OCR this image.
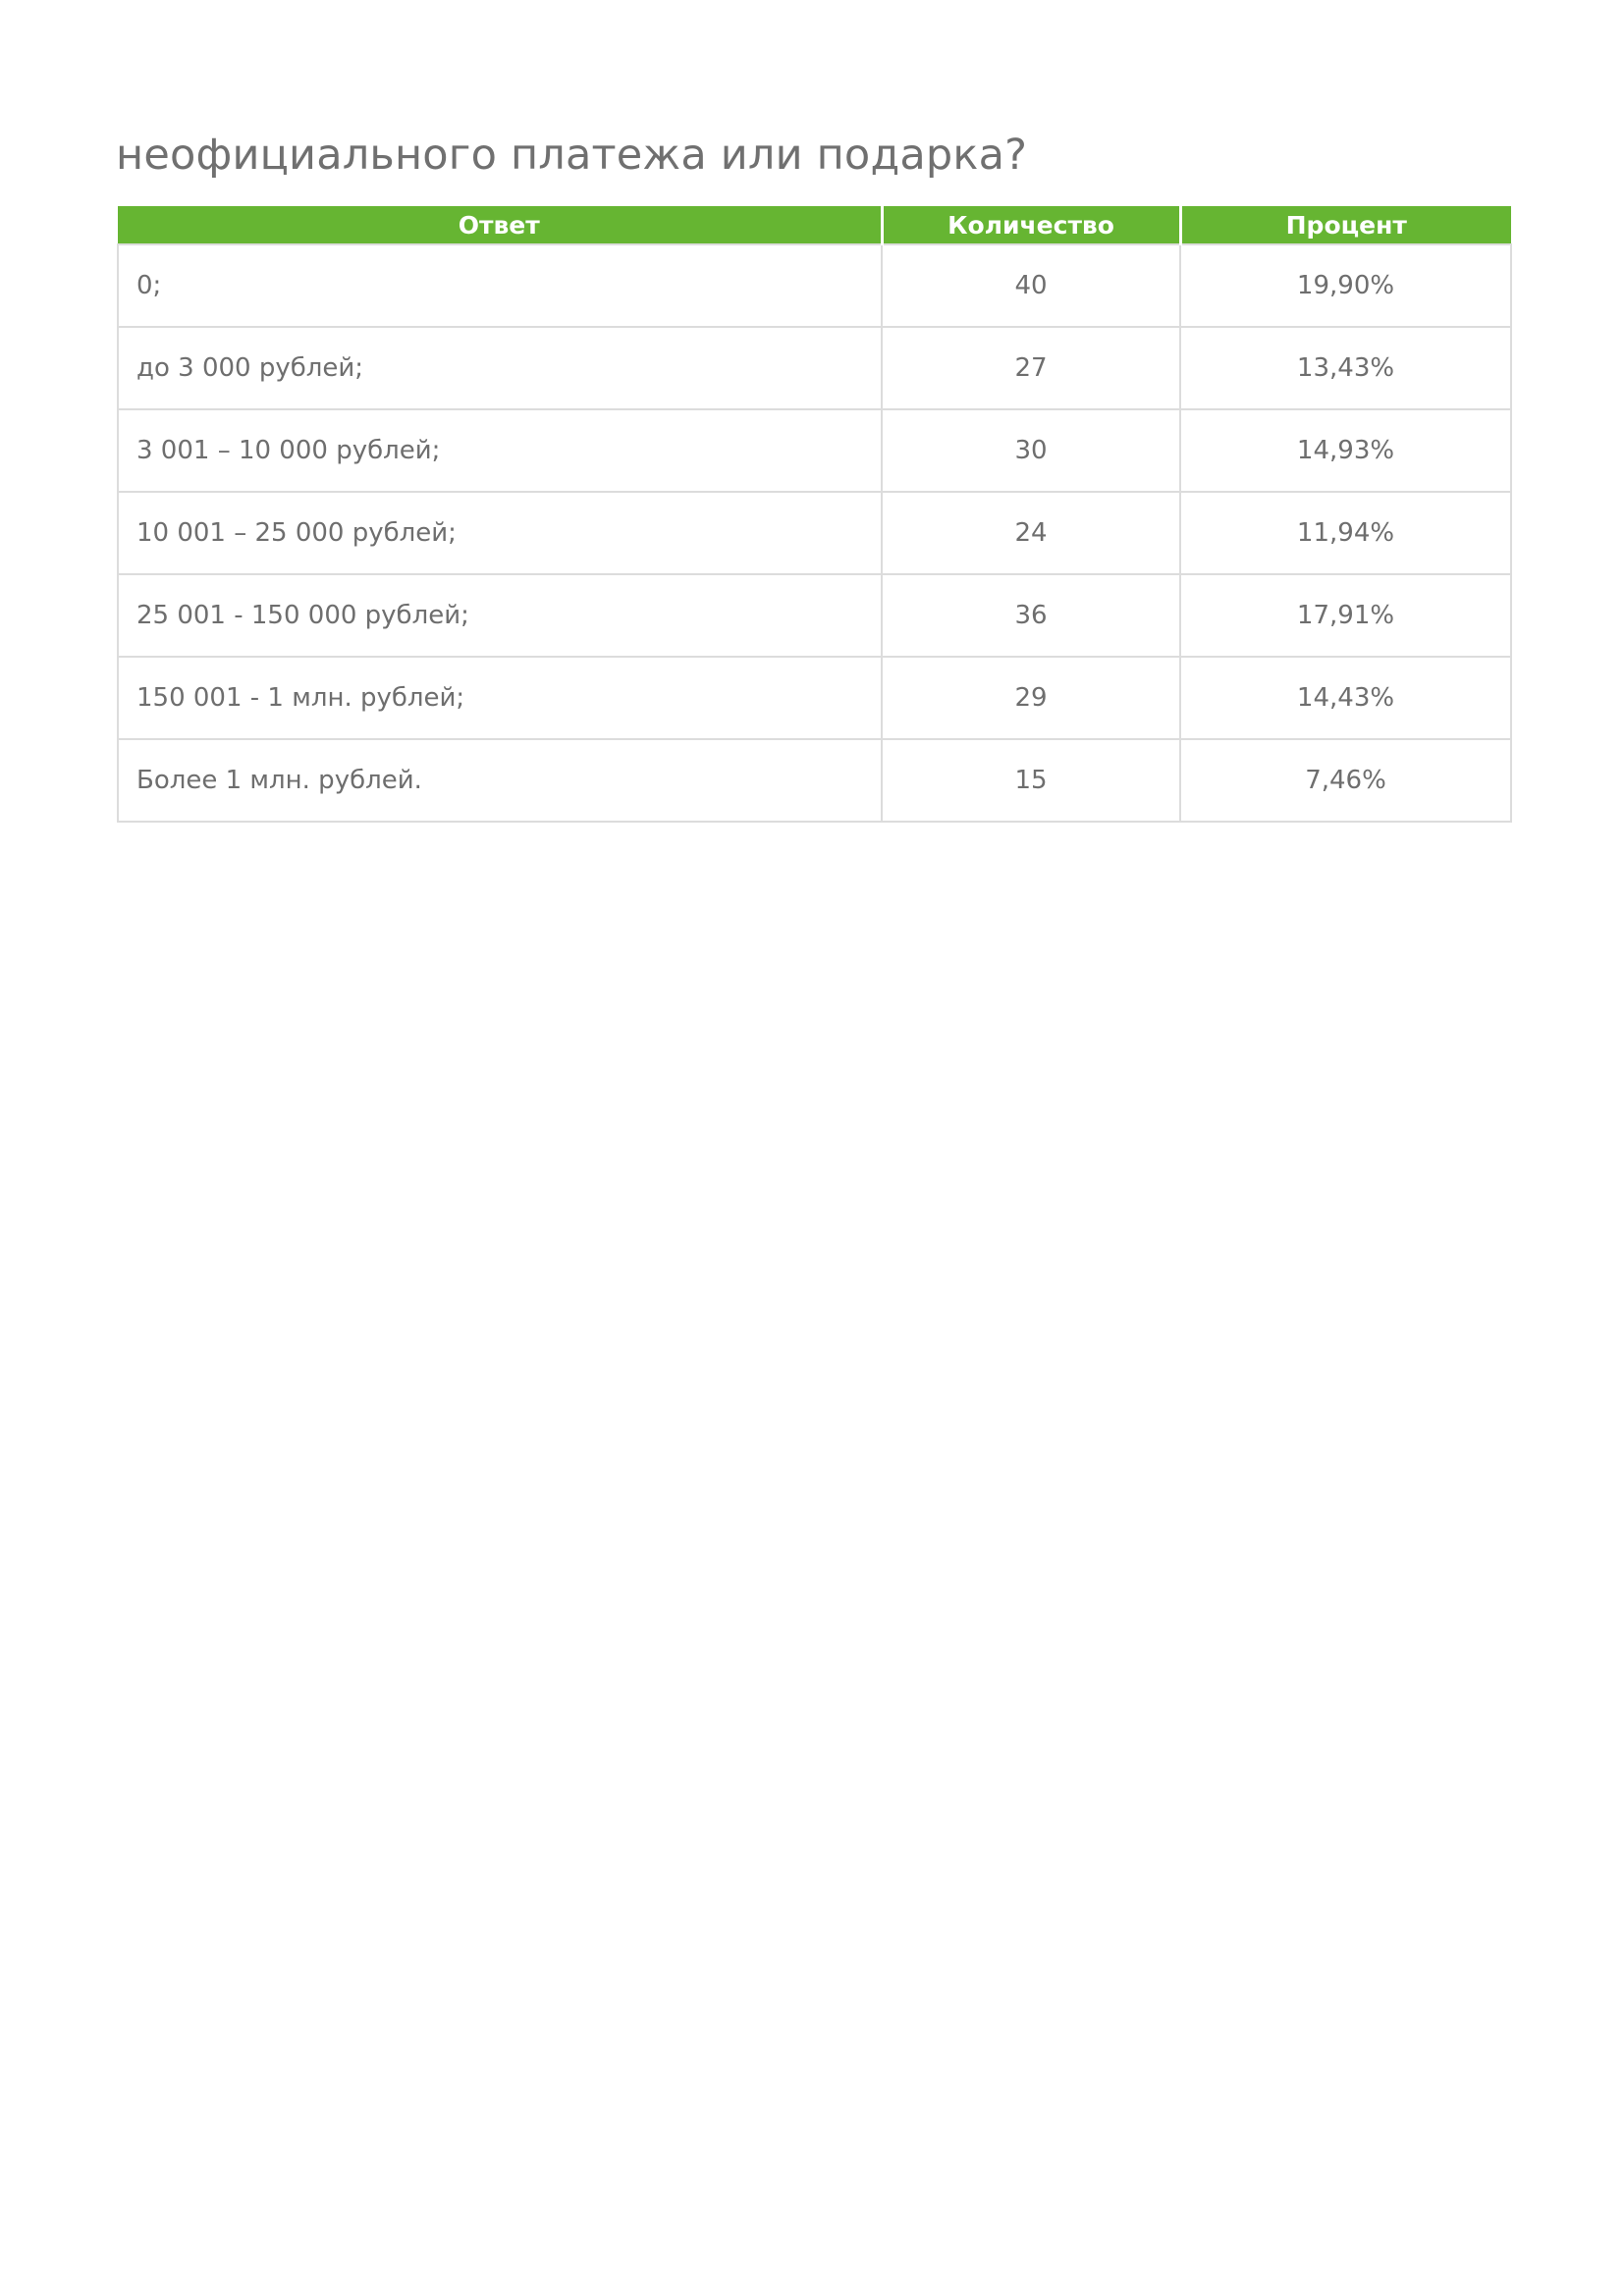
неофициального платежа или подарка?
Ответ	Количество	Процент
0;	40	19,90%
до 3 000 рублей;	27	13,43%
3 001 – 10 000 рублей;	30	14,93%
10 001 – 25 000 рублей;	24	11,94%
25 001 - 150 000 рублей;	36	17,91%
150 001 - 1 млн. рублей;	29	14,43%
Более 1 млн. рублей.	15	7,46%
